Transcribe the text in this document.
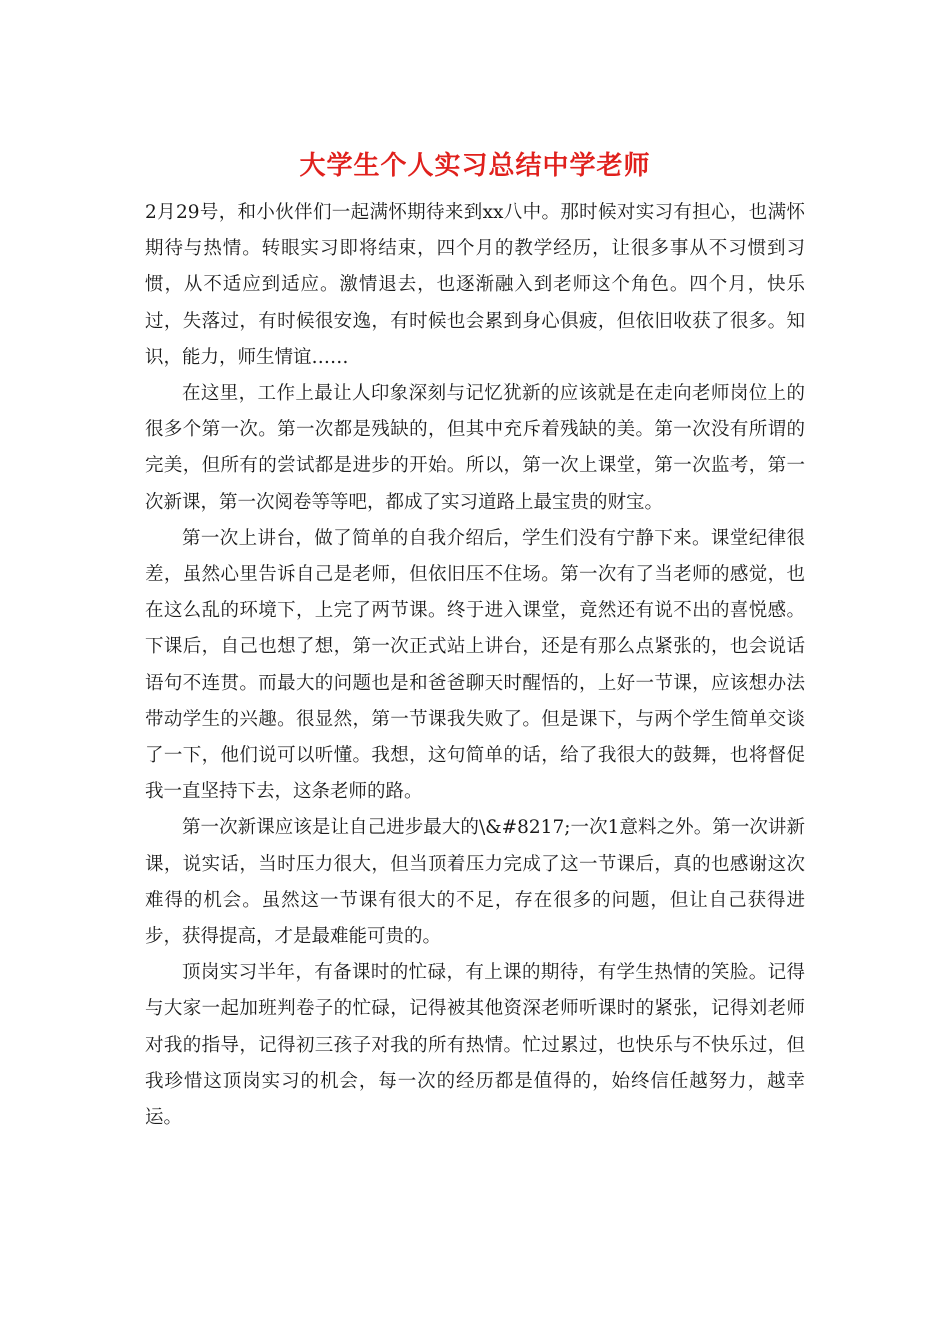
大学生个人实习总结中学老师

2月29号，和小伙伴们一起满怀期待来到xx八中。那时候对实习有担心，也满怀期待与热情。转眼实习即将结束，四个月的教学经历，让很多事从不习惯到习惯，从不适应到适应。激情退去，也逐渐融入到老师这个角色。四个月，快乐过，失落过，有时候很安逸，有时候也会累到身心俱疲，但依旧收获了很多。知识，能力，师生情谊……

在这里，工作上最让人印象深刻与记忆犹新的应该就是在走向老师岗位上的很多个第一次。第一次都是残缺的，但其中充斥着残缺的美。第一次没有所谓的完美，但所有的尝试都是进步的开始。所以，第一次上课堂，第一次监考，第一次新课，第一次阅卷等等吧，都成了实习道路上最宝贵的财宝。

第一次上讲台，做了简单的自我介绍后，学生们没有宁静下来。课堂纪律很差，虽然心里告诉自己是老师，但依旧压不住场。第一次有了当老师的感觉，也在这么乱的环境下，上完了两节课。终于进入课堂，竟然还有说不出的喜悦感。下课后，自己也想了想，第一次正式站上讲台，还是有那么点紧张的，也会说话语句不连贯。而最大的问题也是和爸爸聊天时醒悟的，上好一节课，应该想办法带动学生的兴趣。很显然，第一节课我失败了。但是课下，与两个学生简单交谈了一下，他们说可以听懂。我想，这句简单的话，给了我很大的鼓舞，也将督促我一直坚持下去，这条老师的路。

第一次新课应该是让自己进步最大的\&#8217;一次1意料之外。第一次讲新课，说实话，当时压力很大，但当顶着压力完成了这一节课后，真的也感谢这次难得的机会。虽然这一节课有很大的不足，存在很多的问题，但让自己获得进步，获得提高，才是最难能可贵的。

顶岗实习半年，有备课时的忙碌，有上课的期待，有学生热情的笑脸。记得与大家一起加班判卷子的忙碌，记得被其他资深老师听课时的紧张，记得刘老师对我的指导，记得初三孩子对我的所有热情。忙过累过，也快乐与不快乐过，但我珍惜这顶岗实习的机会，每一次的经历都是值得的，始终信任越努力，越幸运。
